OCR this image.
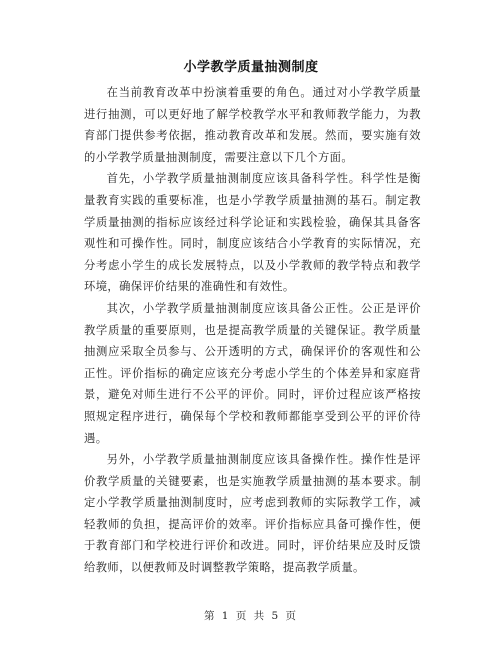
小学教学质量抽测制度

在当前教育改革中扮演着重要的角色。通过对小学教学质量进行抽测，可以更好地了解学校教学水平和教师教学能力，为教育部门提供参考依据，推动教育改革和发展。然而，要实施有效的小学教学质量抽测制度，需要注意以下几个方面。

首先，小学教学质量抽测制度应该具备科学性。科学性是衡量教育实践的重要标准，也是小学教学质量抽测的基石。制定教学质量抽测的指标应该经过科学论证和实践检验，确保其具备客观性和可操作性。同时，制度应该结合小学教育的实际情况，充分考虑小学生的成长发展特点，以及小学教师的教学特点和教学环境，确保评价结果的准确性和有效性。

其次，小学教学质量抽测制度应该具备公正性。公正是评价教学质量的重要原则，也是提高教学质量的关键保证。教学质量抽测应采取全员参与、公开透明的方式，确保评价的客观性和公正性。评价指标的确定应该充分考虑小学生的个体差异和家庭背景，避免对师生进行不公平的评价。同时，评价过程应该严格按照规定程序进行，确保每个学校和教师都能享受到公平的评价待遇。

另外，小学教学质量抽测制度应该具备操作性。操作性是评价教学质量的关键要素，也是实施教学质量抽测的基本要求。制定小学教学质量抽测制度时，应考虑到教师的实际教学工作，减轻教师的负担，提高评价的效率。评价指标应具备可操作性，便于教育部门和学校进行评价和改进。同时，评价结果应及时反馈给教师，以便教师及时调整教学策略，提高教学质量。

第 1 页 共 5 页
